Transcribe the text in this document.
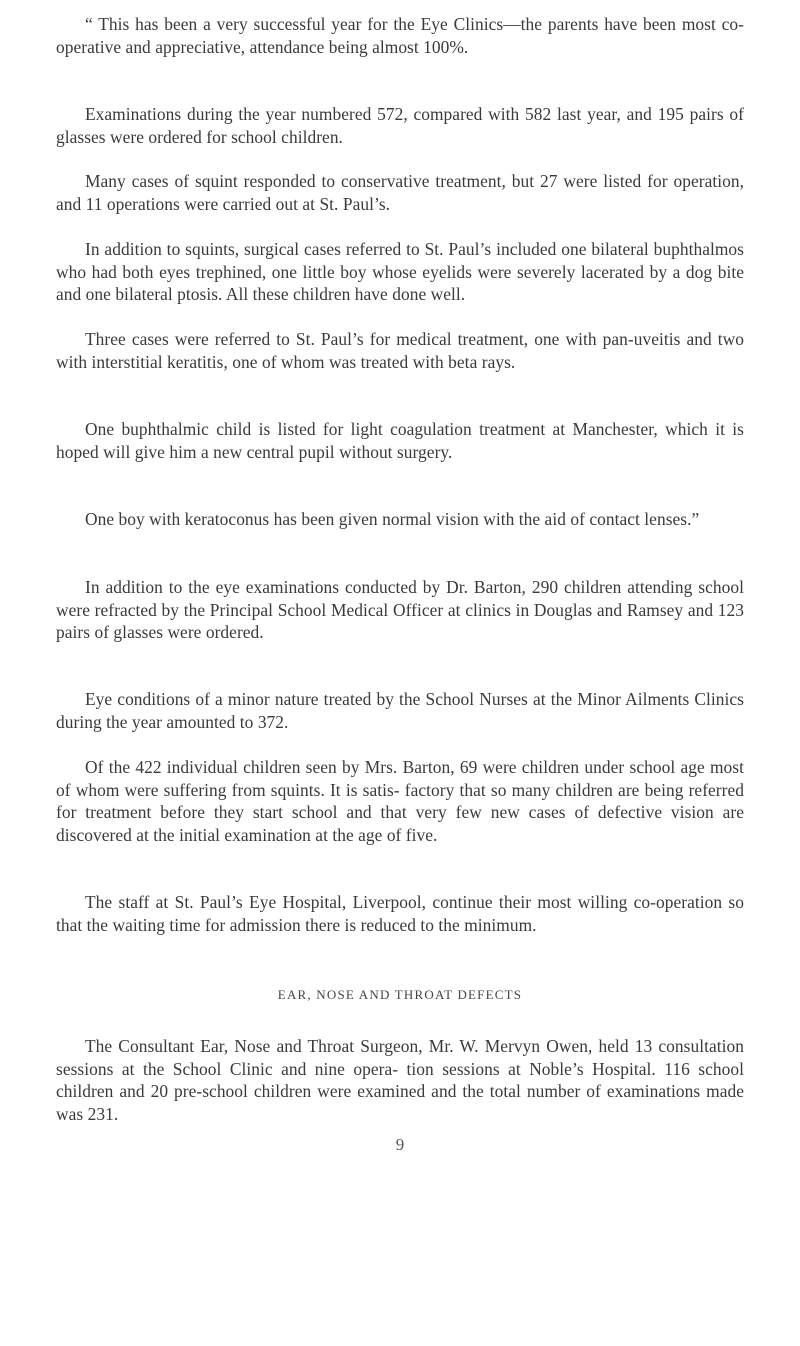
“ This has been a very successful year for the Eye Clinics—the parents have been most co-operative and appreciative, attendance being almost 100%.

Examinations during the year numbered 572, compared with 582 last year, and 195 pairs of glasses were ordered for school children.

Many cases of squint responded to conservative treatment, but 27 were listed for operation, and 11 operations were carried out at St. Paul’s.

In addition to squints, surgical cases referred to St. Paul’s included one bilateral buphthalmos who had both eyes trephined, one little boy whose eyelids were severely lacerated by a dog bite and one bilateral ptosis. All these children have done well.

Three cases were referred to St. Paul’s for medical treatment, one with pan-uveitis and two with interstitial keratitis, one of whom was treated with beta rays.

One buphthalmic child is listed for light coagulation treatment at Manchester, which it is hoped will give him a new central pupil without surgery.

One boy with keratoconus has been given normal vision with the aid of contact lenses.”

In addition to the eye examinations conducted by Dr. Barton, 290 children attending school were refracted by the Principal School Medical Officer at clinics in Douglas and Ramsey and 123 pairs of glasses were ordered.

Eye conditions of a minor nature treated by the School Nurses at the Minor Ailments Clinics during the year amounted to 372.

Of the 422 individual children seen by Mrs. Barton, 69 were children under school age most of whom were suffering from squints. It is satis- factory that so many children are being referred for treatment before they start school and that very few new cases of defective vision are discovered at the initial examination at the age of five.

The staff at St. Paul’s Eye Hospital, Liverpool, continue their most willing co-operation so that the waiting time for admission there is reduced to the minimum.

EAR, NOSE AND THROAT DEFECTS

The Consultant Ear, Nose and Throat Surgeon, Mr. W. Mervyn Owen, held 13 consultation sessions at the School Clinic and nine opera- tion sessions at Noble’s Hospital. 116 school children and 20 pre-school children were examined and the total number of examinations made was 231.

9
